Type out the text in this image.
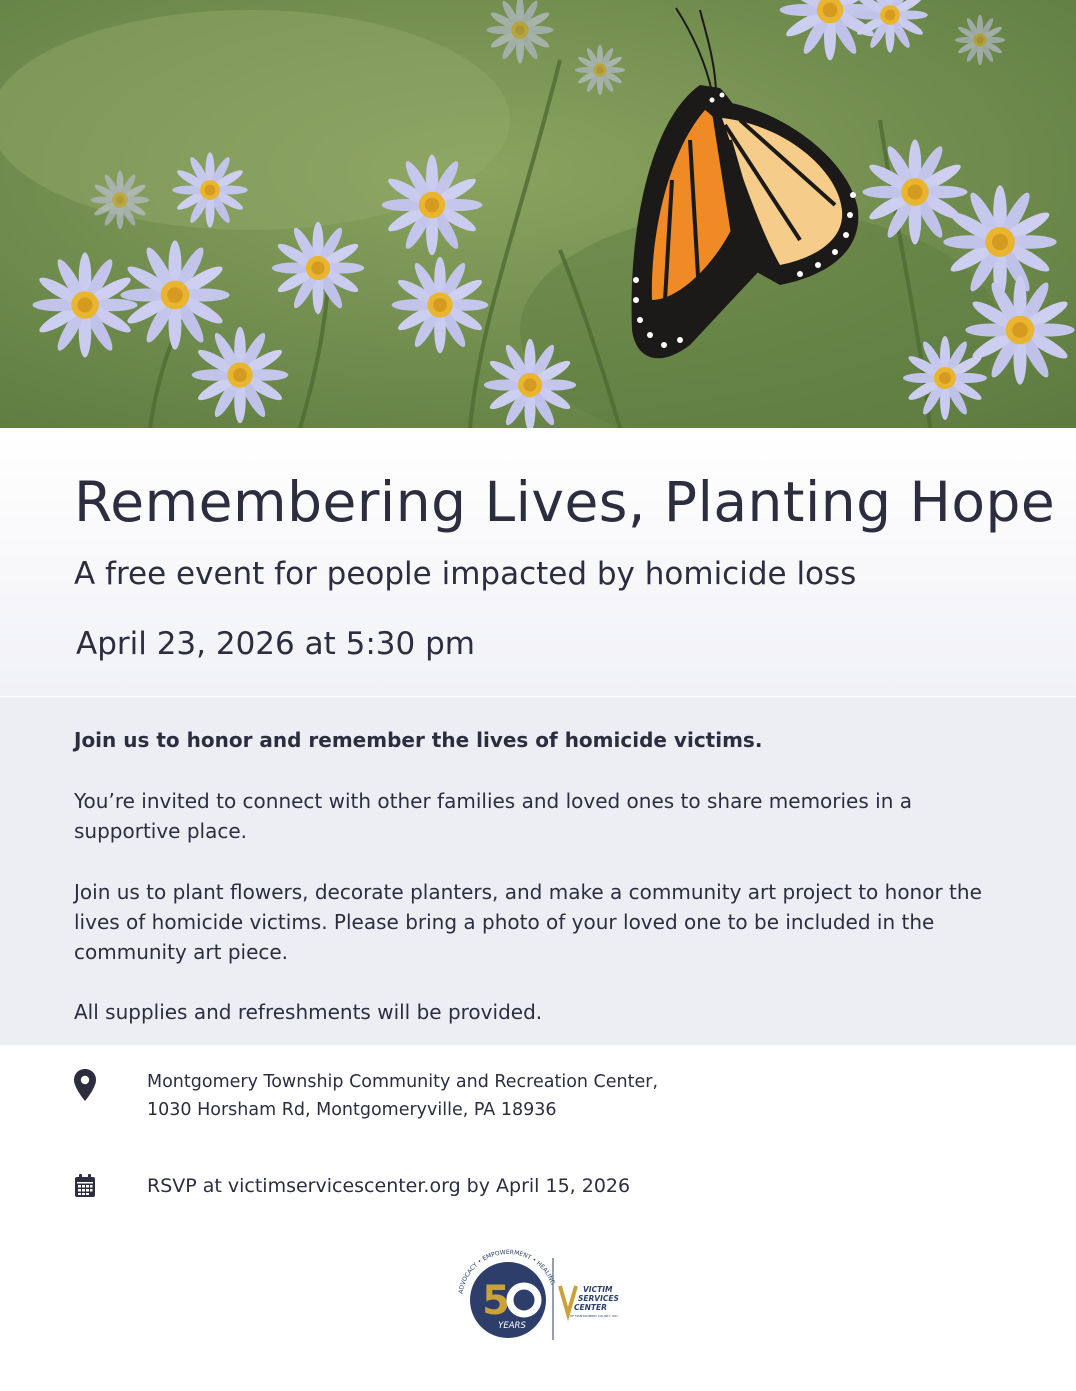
Remembering Lives, Planting Hope

A free event for people impacted by homicide loss

April 23, 2026 at 5:30 pm

Join us to honor and remember the lives of homicide victims.

You’re invited to connect with other families and loved ones to share memories in a supportive place.

Join us to plant flowers, decorate planters, and make a community art project to honor the lives of homicide victims. Please bring a photo of your loved one to be included in the community art piece.

All supplies and refreshments will be provided.

Montgomery Township Community and Recreation Center,
1030 Horsham Rd, Montgomeryville, PA 18936

RSVP at victimservicescenter.org by April 15, 2026

ADVOCACY • EMPOWERMENT • HEALING
5
YEARS
VICTIM
SERVICES
CENTER
OF MONTGOMERY COUNTY, INC.
